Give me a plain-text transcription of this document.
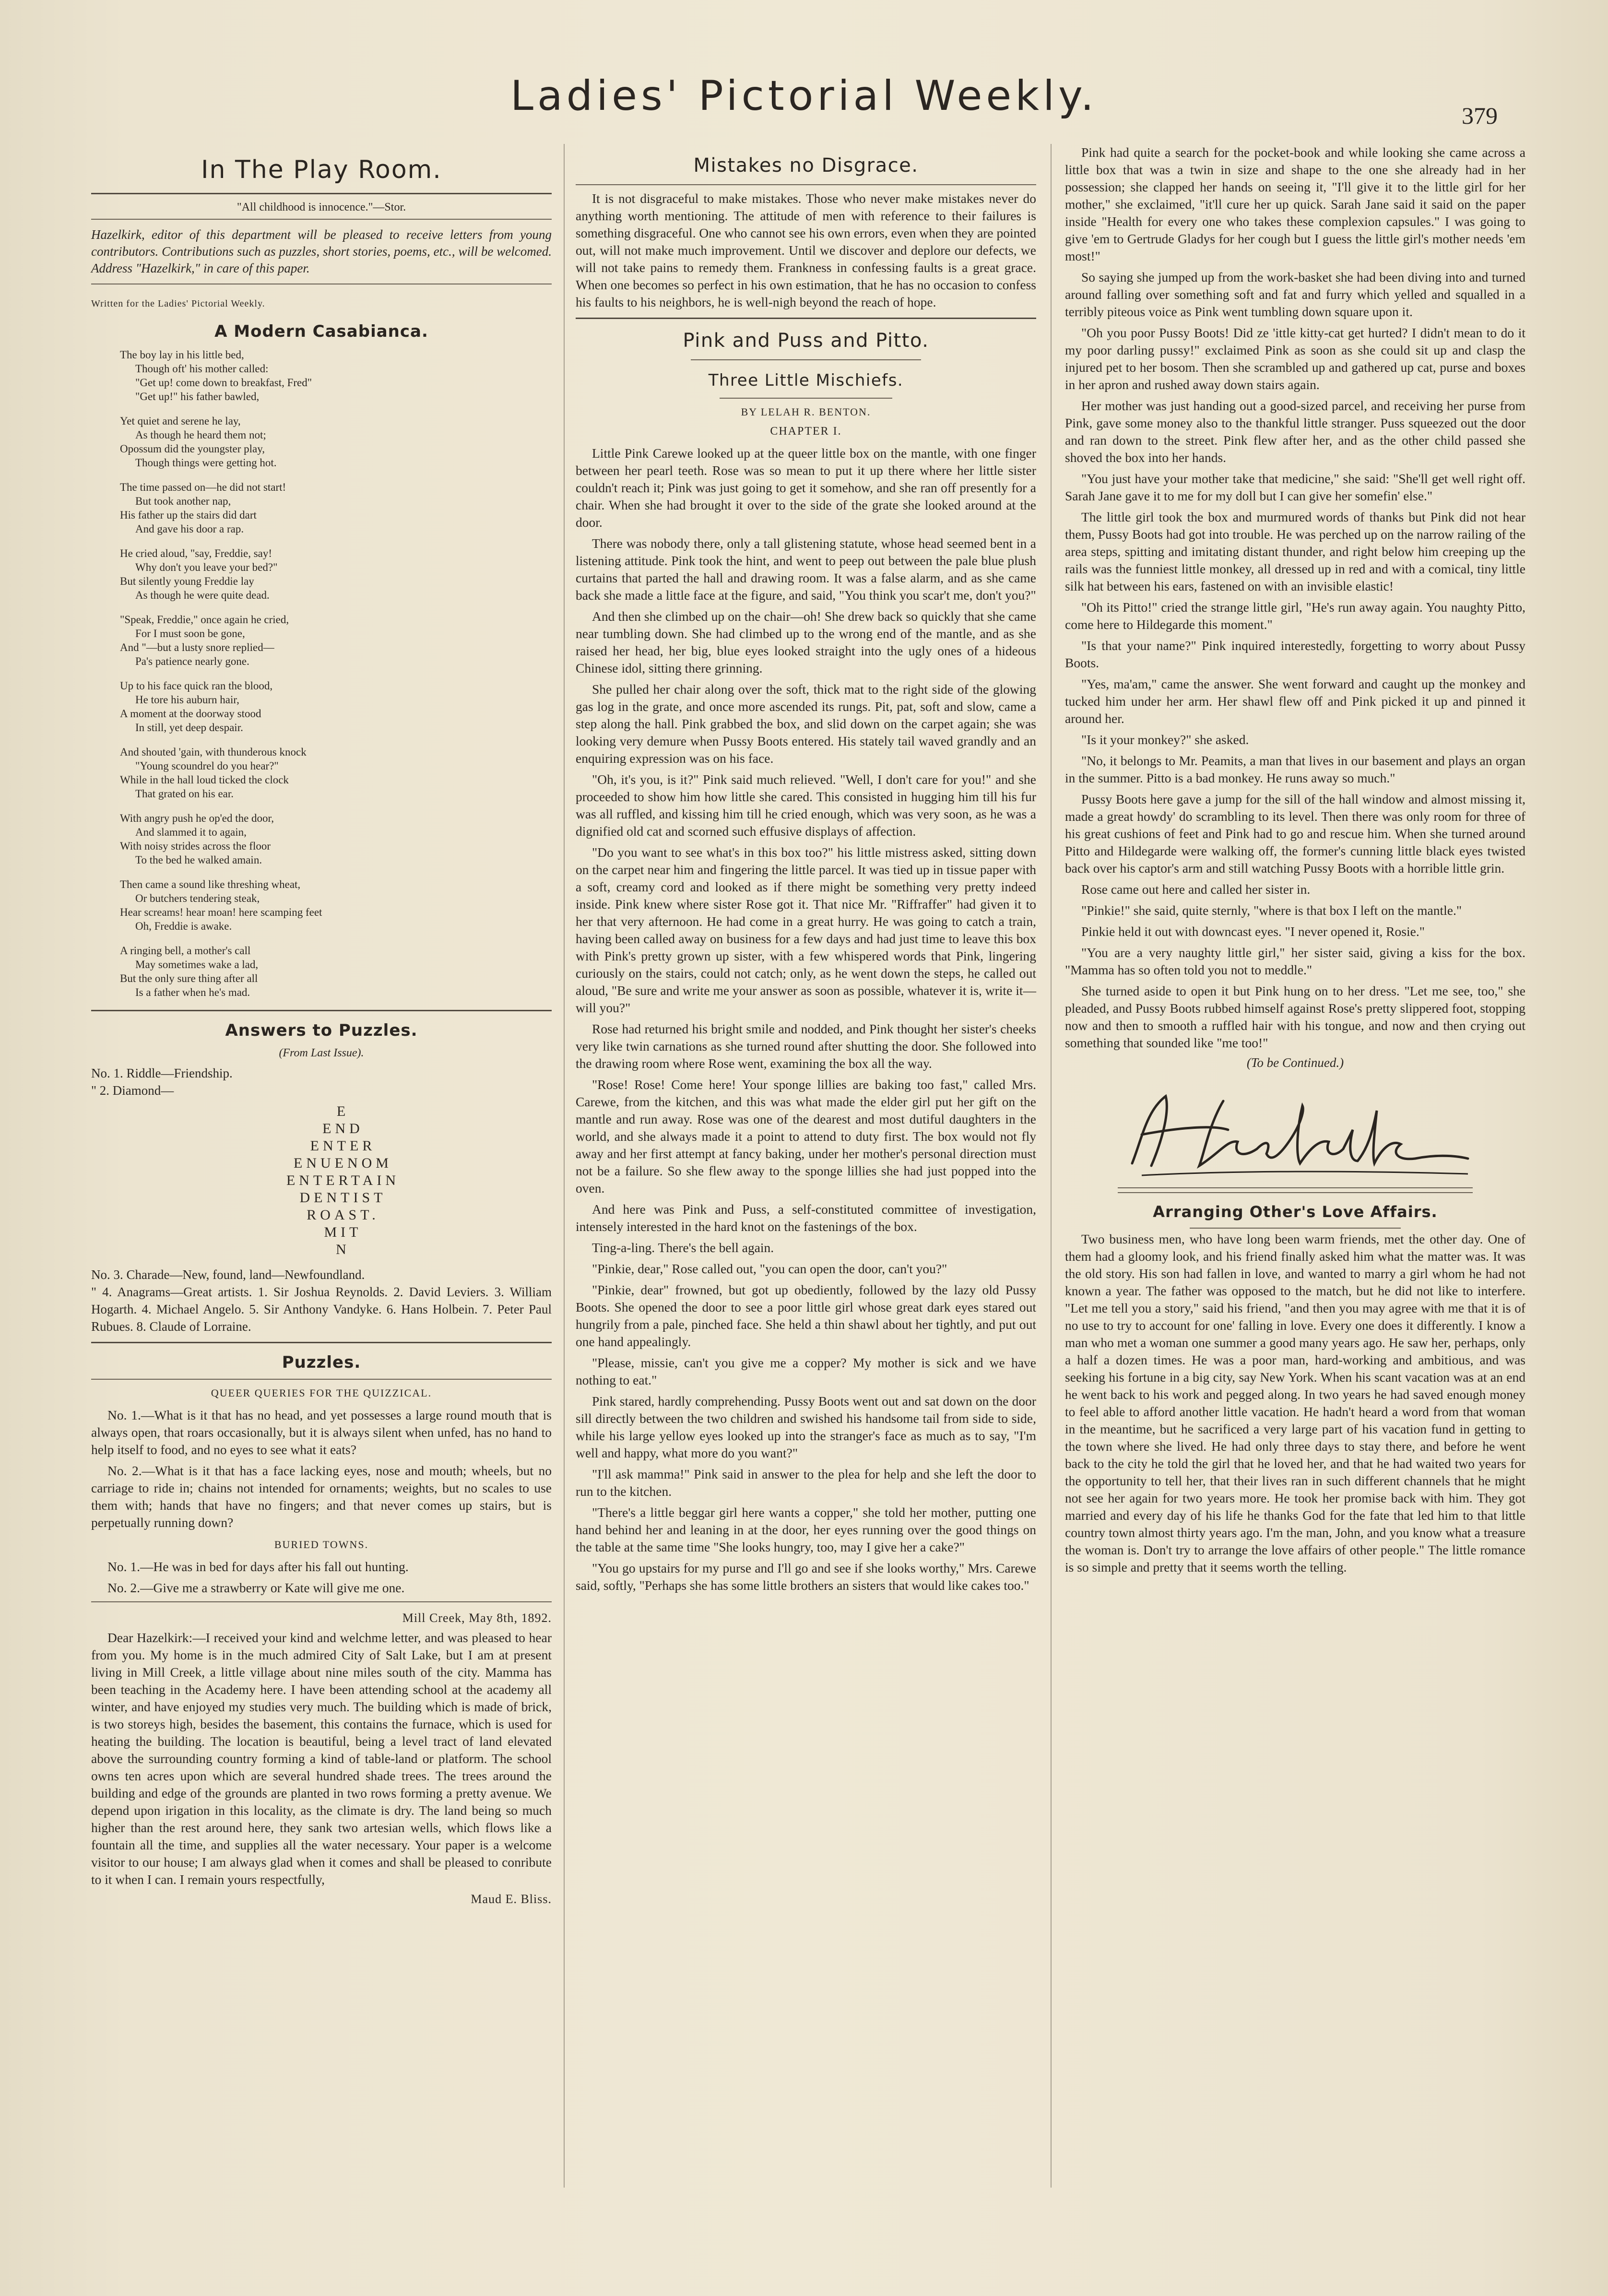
Ladies' Pictorial Weekly.	379
In The Play Room.
"All childhood is innocence."—Stor.

Hazelkirk, editor of this department will be pleased to receive letters from young contributors. Contributions such as puzzles, short stories, poems, etc., will be welcomed. Address "Hazelkirk," in care of this paper.

Written for the Ladies' Pictorial Weekly.

A Modern Casabianca.
The boy lay in his little bed,
Though oft' his mother called:
"Get up! come down to breakfast, Fred"
"Get up!" his father bawled,
Yet quiet and serene he lay,
As though he heard them not;
Opossum did the youngster play,
Though things were getting hot.
The time passed on—he did not start!
But took another nap,
His father up the stairs did dart
And gave his door a rap.
He cried aloud, "say, Freddie, say!
Why don't you leave your bed?"
But silently young Freddie lay
As though he were quite dead.
"Speak, Freddie," once again he cried,
For I must soon be gone,
And "—but a lusty snore replied—
Pa's patience nearly gone.
Up to his face quick ran the blood,
He tore his auburn hair,
A moment at the doorway stood
In still, yet deep despair.
And shouted 'gain, with thunderous knock
"Young scoundrel do you hear?"
While in the hall loud ticked the clock
That grated on his ear.
With angry push he op'ed the door,
And slammed it to again,
With noisy strides across the floor
To the bed he walked amain.
Then came a sound like threshing wheat,
Or butchers tendering steak,
Hear screams! hear moan! here scamping feet
Oh, Freddie is awake.
A ringing bell, a mother's call
May sometimes wake a lad,
But the only sure thing after all
Is a father when he's mad.
Answers to Puzzles.
(From Last Issue).

No. 1. Riddle—Friendship.

" 2. Diamond—

E
END
ENTER
ENUENOM
ENTERTAIN
DENTIST
ROAST.
MIT
N

No. 3. Charade—New, found, land—Newfoundland.

" 4. Anagrams—Great artists. 1. Sir Joshua Reynolds. 2. David Leviers. 3. William Hogarth. 4. Michael Angelo. 5. Sir Anthony Vandyke. 6. Hans Holbein. 7. Peter Paul Rubues. 8. Claude of Lorraine.

Puzzles.

QUEER QUERIES FOR THE QUIZZICAL.

No. 1.—What is it that has no head, and yet possesses a large round mouth that is always open, that roars occasionally, but it is always silent when unfed, has no hand to help itself to food, and no eyes to see what it eats?

No. 2.—What is it that has a face lacking eyes, nose and mouth; wheels, but no carriage to ride in; chains not intended for ornaments; weights, but no scales to use them with; hands that have no fingers; and that never comes up stairs, but is perpetually running down?

BURIED TOWNS.

No. 1.—He was in bed for days after his fall out hunting.

No. 2.—Give me a strawberry or Kate will give me one.

Mill Creek, May 8th, 1892.

Dear Hazelkirk:—I received your kind and welchme letter, and was pleased to hear from you. My home is in the much admired City of Salt Lake, but I am at present living in Mill Creek, a little village about nine miles south of the city. Mamma has been teaching in the Academy here. I have been attending school at the academy all winter, and have enjoyed my studies very much. The building which is made of brick, is two storeys high, besides the basement, this contains the furnace, which is used for heating the building. The location is beautiful, being a level tract of land elevated above the surrounding country forming a kind of table-land or platform. The school owns ten acres upon which are several hundred shade trees. The trees around the building and edge of the grounds are planted in two rows forming a pretty avenue. We depend upon irigation in this locality, as the climate is dry. The land being so much higher than the rest around here, they sank two artesian wells, which flows like a fountain all the time, and supplies all the water necessary. Your paper is a welcome visitor to our house; I am always glad when it comes and shall be pleased to conribute to it when I can. I remain yours respectfully,

Maud E. Bliss.
Mistakes no Disgrace.

It is not disgraceful to make mistakes. Those who never make mistakes never do anything worth mentioning. The attitude of men with reference to their failures is something disgraceful. One who cannot see his own errors, even when they are pointed out, will not make much improvement. Until we discover and deplore our defects, we will not take pains to remedy them. Frankness in confessing faults is a great grace. When one becomes so perfect in his own estimation, that he has no occasion to confess his faults to his neighbors, he is well-nigh beyond the reach of hope.

Pink and Puss and Pitto.
Three Little Mischiefs.

BY LELAH R. BENTON.

CHAPTER I.

Little Pink Carewe looked up at the queer little box on the mantle, with one finger between her pearl teeth. Rose was so mean to put it up there where her little sister couldn't reach it; Pink was just going to get it somehow, and she ran off presently for a chair. When she had brought it over to the side of the grate she looked around at the door.

There was nobody there, only a tall glistening statute, whose head seemed bent in a listening attitude. Pink took the hint, and went to peep out between the pale blue plush curtains that parted the hall and drawing room. It was a false alarm, and as she came back she made a little face at the figure, and said, "You think you scar't me, don't you?"

And then she climbed up on the chair—oh! She drew back so quickly that she came near tumbling down. She had climbed up to the wrong end of the mantle, and as she raised her head, her big, blue eyes looked straight into the ugly ones of a hideous Chinese idol, sitting there grinning.

She pulled her chair along over the soft, thick mat to the right side of the glowing gas log in the grate, and once more ascended its rungs. Pit, pat, soft and slow, came a step along the hall. Pink grabbed the box, and slid down on the carpet again; she was looking very demure when Pussy Boots entered. His stately tail waved grandly and an enquiring expression was on his face.

"Oh, it's you, is it?" Pink said much relieved. "Well, I don't care for you!" and she proceeded to show him how little she cared. This consisted in hugging him till his fur was all ruffled, and kissing him till he cried enough, which was very soon, as he was a dignified old cat and scorned such effusive displays of affection.

"Do you want to see what's in this box too?" his little mistress asked, sitting down on the carpet near him and fingering the little parcel. It was tied up in tissue paper with a soft, creamy cord and looked as if there might be something very pretty indeed inside. Pink knew where sister Rose got it. That nice Mr. "Riffraffer" had given it to her that very afternoon. He had come in a great hurry. He was going to catch a train, having been called away on business for a few days and had just time to leave this box with Pink's pretty grown up sister, with a few whispered words that Pink, lingering curiously on the stairs, could not catch; only, as he went down the steps, he called out aloud, "Be sure and write me your answer as soon as possible, whatever it is, write it—will you?"

Rose had returned his bright smile and nodded, and Pink thought her sister's cheeks very like twin carnations as she turned round after shutting the door. She followed into the drawing room where Rose went, examining the box all the way.

"Rose! Rose! Come here! Your sponge lillies are baking too fast," called Mrs. Carewe, from the kitchen, and this was what made the elder girl put her gift on the mantle and run away. Rose was one of the dearest and most dutiful daughters in the world, and she always made it a point to attend to duty first. The box would not fly away and her first attempt at fancy baking, under her mother's personal direction must not be a failure. So she flew away to the sponge lillies she had just popped into the oven.

And here was Pink and Puss, a self-constituted committee of investigation, intensely interested in the hard knot on the fastenings of the box.

Ting-a-ling. There's the bell again.

"Pinkie, dear," Rose called out, "you can open the door, can't you?"

"Pinkie, dear" frowned, but got up obediently, followed by the lazy old Pussy Boots. She opened the door to see a poor little girl whose great dark eyes stared out hungrily from a pale, pinched face. She held a thin shawl about her tightly, and put out one hand appealingly.

"Please, missie, can't you give me a copper? My mother is sick and we have nothing to eat."

Pink stared, hardly comprehending. Pussy Boots went out and sat down on the door sill directly between the two children and swished his handsome tail from side to side, while his large yellow eyes looked up into the stranger's face as much as to say, "I'm well and happy, what more do you want?"

"I'll ask mamma!" Pink said in answer to the plea for help and she left the door to run to the kitchen.

"There's a little beggar girl here wants a copper," she told her mother, putting one hand behind her and leaning in at the door, her eyes running over the good things on the table at the same time "She looks hungry, too, may I give her a cake?"

"You go upstairs for my purse and I'll go and see if she looks worthy," Mrs. Carewe said, softly, "Perhaps she has some little brothers an sisters that would like cakes too."

Pink had quite a search for the pocket-book and while looking she came across a little box that was a twin in size and shape to the one she already had in her possession; she clapped her hands on seeing it, "I'll give it to the little girl for her mother," she exclaimed, "it'll cure her up quick. Sarah Jane said it said on the paper inside "Health for every one who takes these complexion capsules." I was going to give 'em to Gertrude Gladys for her cough but I guess the little girl's mother needs 'em most!"

So saying she jumped up from the work-basket she had been diving into and turned around falling over something soft and fat and furry which yelled and squalled in a terribly piteous voice as Pink went tumbling down square upon it.

"Oh you poor Pussy Boots! Did ze 'ittle kitty-cat get hurted? I didn't mean to do it my poor darling pussy!" exclaimed Pink as soon as she could sit up and clasp the injured pet to her bosom. Then she scrambled up and gathered up cat, purse and boxes in her apron and rushed away down stairs again.

Her mother was just handing out a good-sized parcel, and receiving her purse from Pink, gave some money also to the thankful little stranger. Puss squeezed out the door and ran down to the street. Pink flew after her, and as the other child passed she shoved the box into her hands.

"You just have your mother take that medicine," she said: "She'll get well right off. Sarah Jane gave it to me for my doll but I can give her somefin' else."

The little girl took the box and murmured words of thanks but Pink did not hear them, Pussy Boots had got into trouble. He was perched up on the narrow railing of the area steps, spitting and imitating distant thunder, and right below him creeping up the rails was the funniest little monkey, all dressed up in red and with a comical, tiny little silk hat between his ears, fastened on with an invisible elastic!

"Oh its Pitto!" cried the strange little girl, "He's run away again. You naughty Pitto, come here to Hildegarde this moment."

"Is that your name?" Pink inquired interestedly, forgetting to worry about Pussy Boots.

"Yes, ma'am," came the answer. She went forward and caught up the monkey and tucked him under her arm. Her shawl flew off and Pink picked it up and pinned it around her.

"Is it your monkey?" she asked.

"No, it belongs to Mr. Peamits, a man that lives in our basement and plays an organ in the summer. Pitto is a bad monkey. He runs away so much."

Pussy Boots here gave a jump for the sill of the hall window and almost missing it, made a great howdy' do scrambling to its level. Then there was only room for three of his great cushions of feet and Pink had to go and rescue him. When she turned around Pitto and Hildegarde were walking off, the former's cunning little black eyes twisted back over his captor's arm and still watching Pussy Boots with a horrible little grin.

Rose came out here and called her sister in.

"Pinkie!" she said, quite sternly, "where is that box I left on the mantle."

Pinkie held it out with downcast eyes. "I never opened it, Rosie."

"You are a very naughty little girl," her sister said, giving a kiss for the box. "Mamma has so often told you not to meddle."

She turned aside to open it but Pink hung on to her dress. "Let me see, too," she pleaded, and Pussy Boots rubbed himself against Rose's pretty slippered foot, stopping now and then to smooth a ruffled hair with his tongue, and now and then crying out something that sounded like "me too!"

(To be Continued.)
Arranging Other's Love Affairs.

Two business men, who have long been warm friends, met the other day. One of them had a gloomy look, and his friend finally asked him what the matter was. It was the old story. His son had fallen in love, and wanted to marry a girl whom he had not known a year. The father was opposed to the match, but he did not like to interfere. "Let me tell you a story," said his friend, "and then you may agree with me that it is of no use to try to account for one' falling in love. Every one does it differently. I know a man who met a woman one summer a good many years ago. He saw her, perhaps, only a half a dozen times. He was a poor man, hard-working and ambitious, and was seeking his fortune in a big city, say New York. When his scant vacation was at an end he went back to his work and pegged along. In two years he had saved enough money to feel able to afford another little vacation. He hadn't heard a word from that woman in the meantime, but he sacrificed a very large part of his vacation fund in getting to the town where she lived. He had only three days to stay there, and before he went back to the city he told the girl that he loved her, and that he had waited two years for the opportunity to tell her, that their lives ran in such different channels that he might not see her again for two years more. He took her promise back with him. They got married and every day of his life he thanks God for the fate that led him to that little country town almost thirty years ago. I'm the man, John, and you know what a treasure the woman is. Don't try to arrange the love affairs of other people." The little romance is so simple and pretty that it seems worth the telling.
